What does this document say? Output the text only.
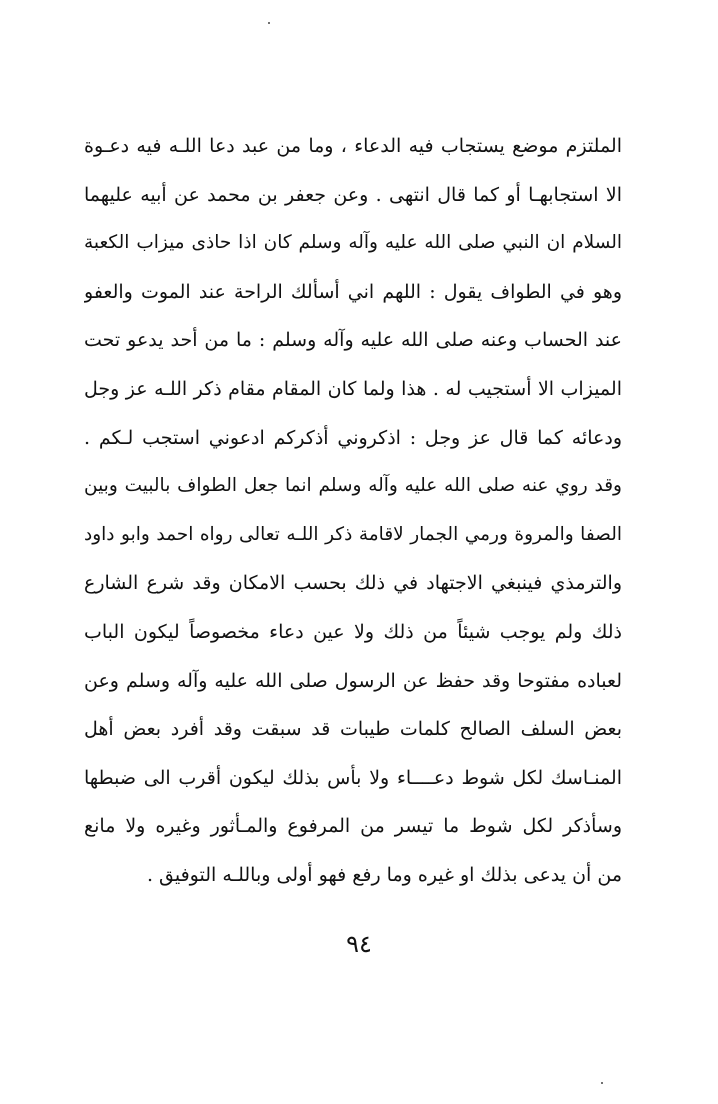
الملتزم موضع يستجاب فيه الدعاء ، وما من عبد دعا اللـه فيه دعـوة
الا استجابهـا أو كما قال انتهى . وعن جعفر بن محمد عن أبيه عليهما
السلام ان النبي صلى الله عليه وآله وسلم كان اذا حاذى ميزاب الكعبة
وهو في الطواف يقول : اللهم اني أسألك الراحة عند الموت والعفو
عند الحساب وعنه صلى الله عليه وآله وسلم : ما من أحد يدعو تحت
الميزاب الا أستجيب له . هذا ولما كان المقام مقام ذكر اللـه عز وجل
ودعائه كما قال عز وجل : اذكروني أذكركم ادعوني استجب لـكم .
وقد روي عنه صلى الله عليه وآله وسلم انما جعل الطواف بالبيت وبين
الصفا والمروة ورمي الجمار لاقامة ذكر اللـه تعالى رواه احمد وابو داود
والترمذي فينبغي الاجتهاد في ذلك بحسب الامكان وقد شرع الشارع
ذلك ولم يوجب شيئاً من ذلك ولا عين دعاء مخصوصاً ليكون الباب
لعباده مفتوحا وقد حفظ عن الرسول صلى الله عليه وآله وسلم وعن
بعض السلف الصالح كلمات طيبات قد سبقت وقد أفرد بعض أهل
المنـاسك لكل شوط دعــــاء ولا بأس بذلك ليكون أقرب الى ضبطها
وسأذكر لكل شوط ما تيسر من المرفوع والمـأثور وغيره ولا مانع
من أن يدعى بذلك او غيره وما رفع فهو أولى وباللـه التوفيق .
٩٤
